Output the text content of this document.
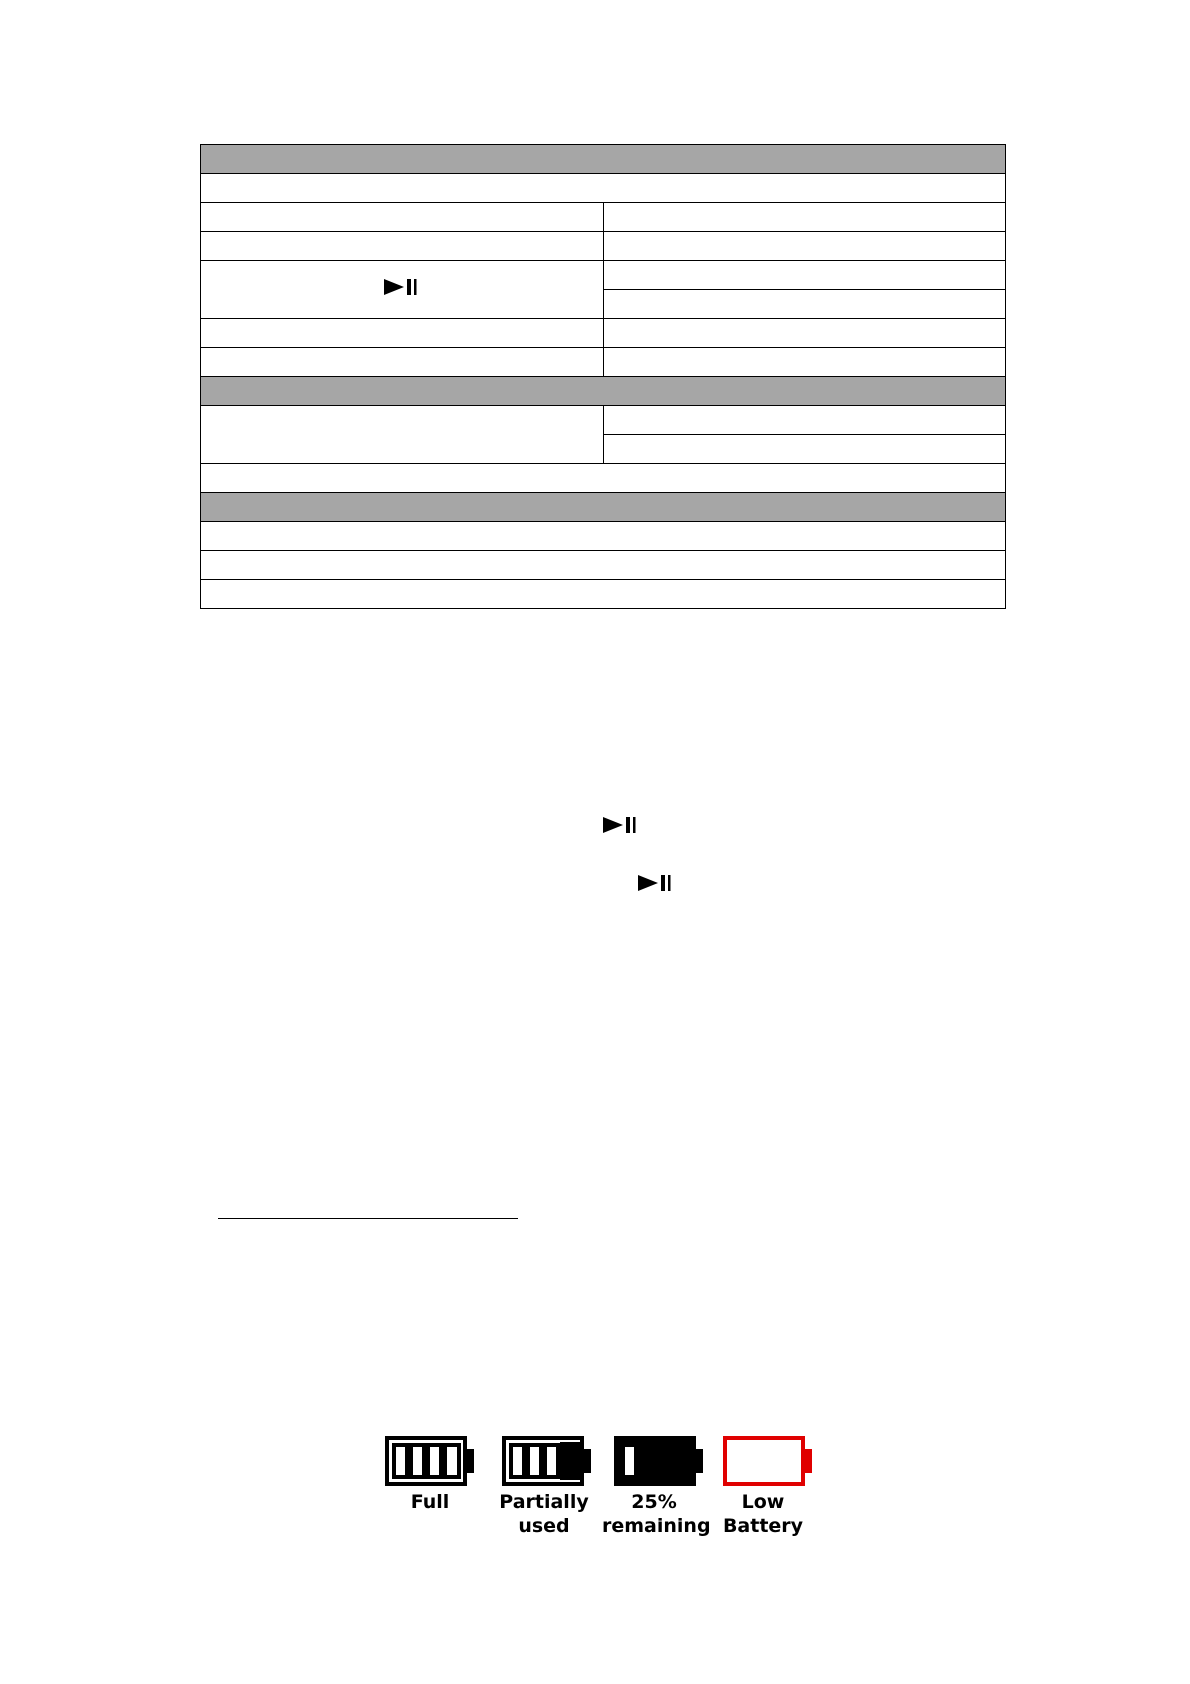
Full	Partially
used
25%
remaining
Low
Battery
